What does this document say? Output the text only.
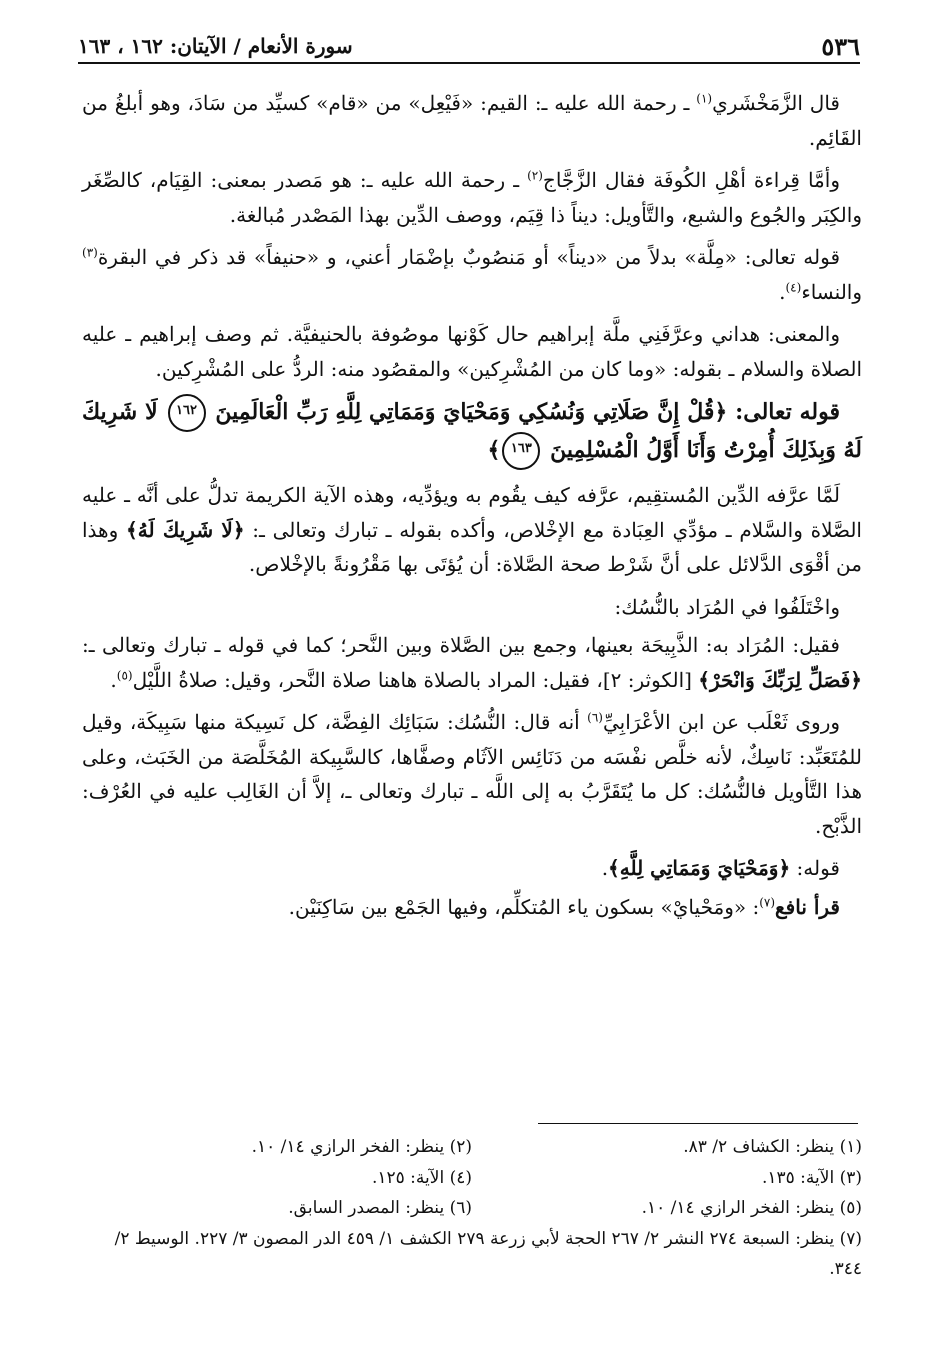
٥٣٦
سورة الأنعام / الآيتان: ١٦٢ ، ١٦٣

قال الزَّمَخْشَري$^{(١)}$ ـ رحمة الله عليه ـ: القيم: «فَيْعِل» من «قام» كسيِّد من سَادَ، وهو أبلغُ من القَائِم.

وأمَّا قِراءة أهْلِ الكُوفَة فقال الزَّجَّاج$^{(٢)}$ ـ رحمة الله عليه ـ: هو مَصدر بمعنى: القِيَام، كالصِّغَر والكِبَر والجُوع والشبع، والتَّأويل: ديناً ذا قِيَم، ووصف الدِّين بهذا المَصْدر مُبالغة.

قوله تعالى: «مِلَّة» بدلاً من «ديناً» أو مَنصُوبٌ بإضْمَار أعني، و «حنيفاً» قد ذكر في البقرة$^{(٣)}$ والنساء$^{(٤)}$.

والمعنى: هداني وعرَّفَنِي ملَّة إبراهيم حال كَوْنها موصُوفة بالحنيفيَّة. ثم وصف إبراهيم ـ عليه الصلاة والسلام ـ بقوله: «وما كان من المُشْرِكين» والمقصُود منه: الردُّ على المُشْرِكين.

قوله تعالى: ﴿قُلْ إِنَّ صَلَاتِي وَنُسُكِي وَمَحْيَايَ وَمَمَاتِي لِلَّهِ رَبِّ الْعَالَمِينَ ١٦٢ لَا شَرِيكَ لَهُ وَبِذَلِكَ أُمِرْتُ وَأَنَا أَوَّلُ الْمُسْلِمِينَ ١٦٣﴾

لَمَّا عرَّفه الدِّين المُستقِيم، عرَّفه كيف يقُوم به ويؤدِّيه، وهذه الآية الكريمة تدلُّ على أنَّه ـ عليه الصَّلاة والسَّلام ـ مؤدِّي العِبَادة مع الإخْلاص، وأكده بقوله ـ تبارك وتعالى ـ: ﴿لَا شَرِيكَ لَهُ﴾ وهذا من أقْوَى الدَّلائل على أنَّ شَرْط صحة الصَّلاة: أن يُؤتَى بها مَقْرُونةً بالإخْلاص.

واخْتَلَفُوا في المُرَاد بالنُّسُك:

فقيل: المُرَاد به: الذَّبِيحَة بعينها، وجمع بين الصَّلاة وبين النَّحر؛ كما في قوله ـ تبارك وتعالى ـ: ﴿فَصَلِّ لِرَبِّكَ وَانْحَرْ﴾ [الكوثر: ٢]، فقيل: المراد بالصلاة هاهنا صلاة النَّحر، وقيل: صلاةُ اللَّيْل$^{(٥)}$.

وروى ثَعْلَب عن ابن الأعْرَابِيِّ$^{(٦)}$ أنه قال: النُّسُك: سَبَائِك الفِضَّة، كل نَسِيكة منها سَبِيكَة، وقيل للمُتَعَبِّد: نَاسِكٌ، لأنه خلَّص نفْسَه من دَنَائِس الآثَام وصفَّاها، كالسَّبِيكة المُخَلَّصَة من الخَبَث، وعلى هذا التَّأويل فالنُّسُك: كل ما يُتَقَرَّبُ به إلى اللَّه ـ تبارك وتعالى ـ، إلاَّ أن الغَالِب عليه في العُرْف: الذَّبْح.

قوله: ﴿وَمَحْيَايَ وَمَمَاتِي لِلَّهِ﴾.

قرأ نافع$^{(٧)}$: «ومَحْيايْ» بسكون ياء المُتكلِّم، وفيها الجَمْع بين سَاكِنَيْن.

(١) ينظر: الكشاف ٢/ ٨٣.
(٢) ينظر: الفخر الرازي ١٤/ ١٠.
(٣) الآية: ١٣٥.
(٤) الآية: ١٢٥.
(٥) ينظر: الفخر الرازي ١٤/ ١٠.
(٦) ينظر: المصدر السابق.
(٧) ينظر: السبعة ٢٧٤ النشر ٢/ ٢٦٧ الحجة لأبي زرعة ٢٧٩ الكشف ١/ ٤٥٩ الدر المصون ٣/ ٢٢٧. الوسيط ٢/ ٣٤٤.
